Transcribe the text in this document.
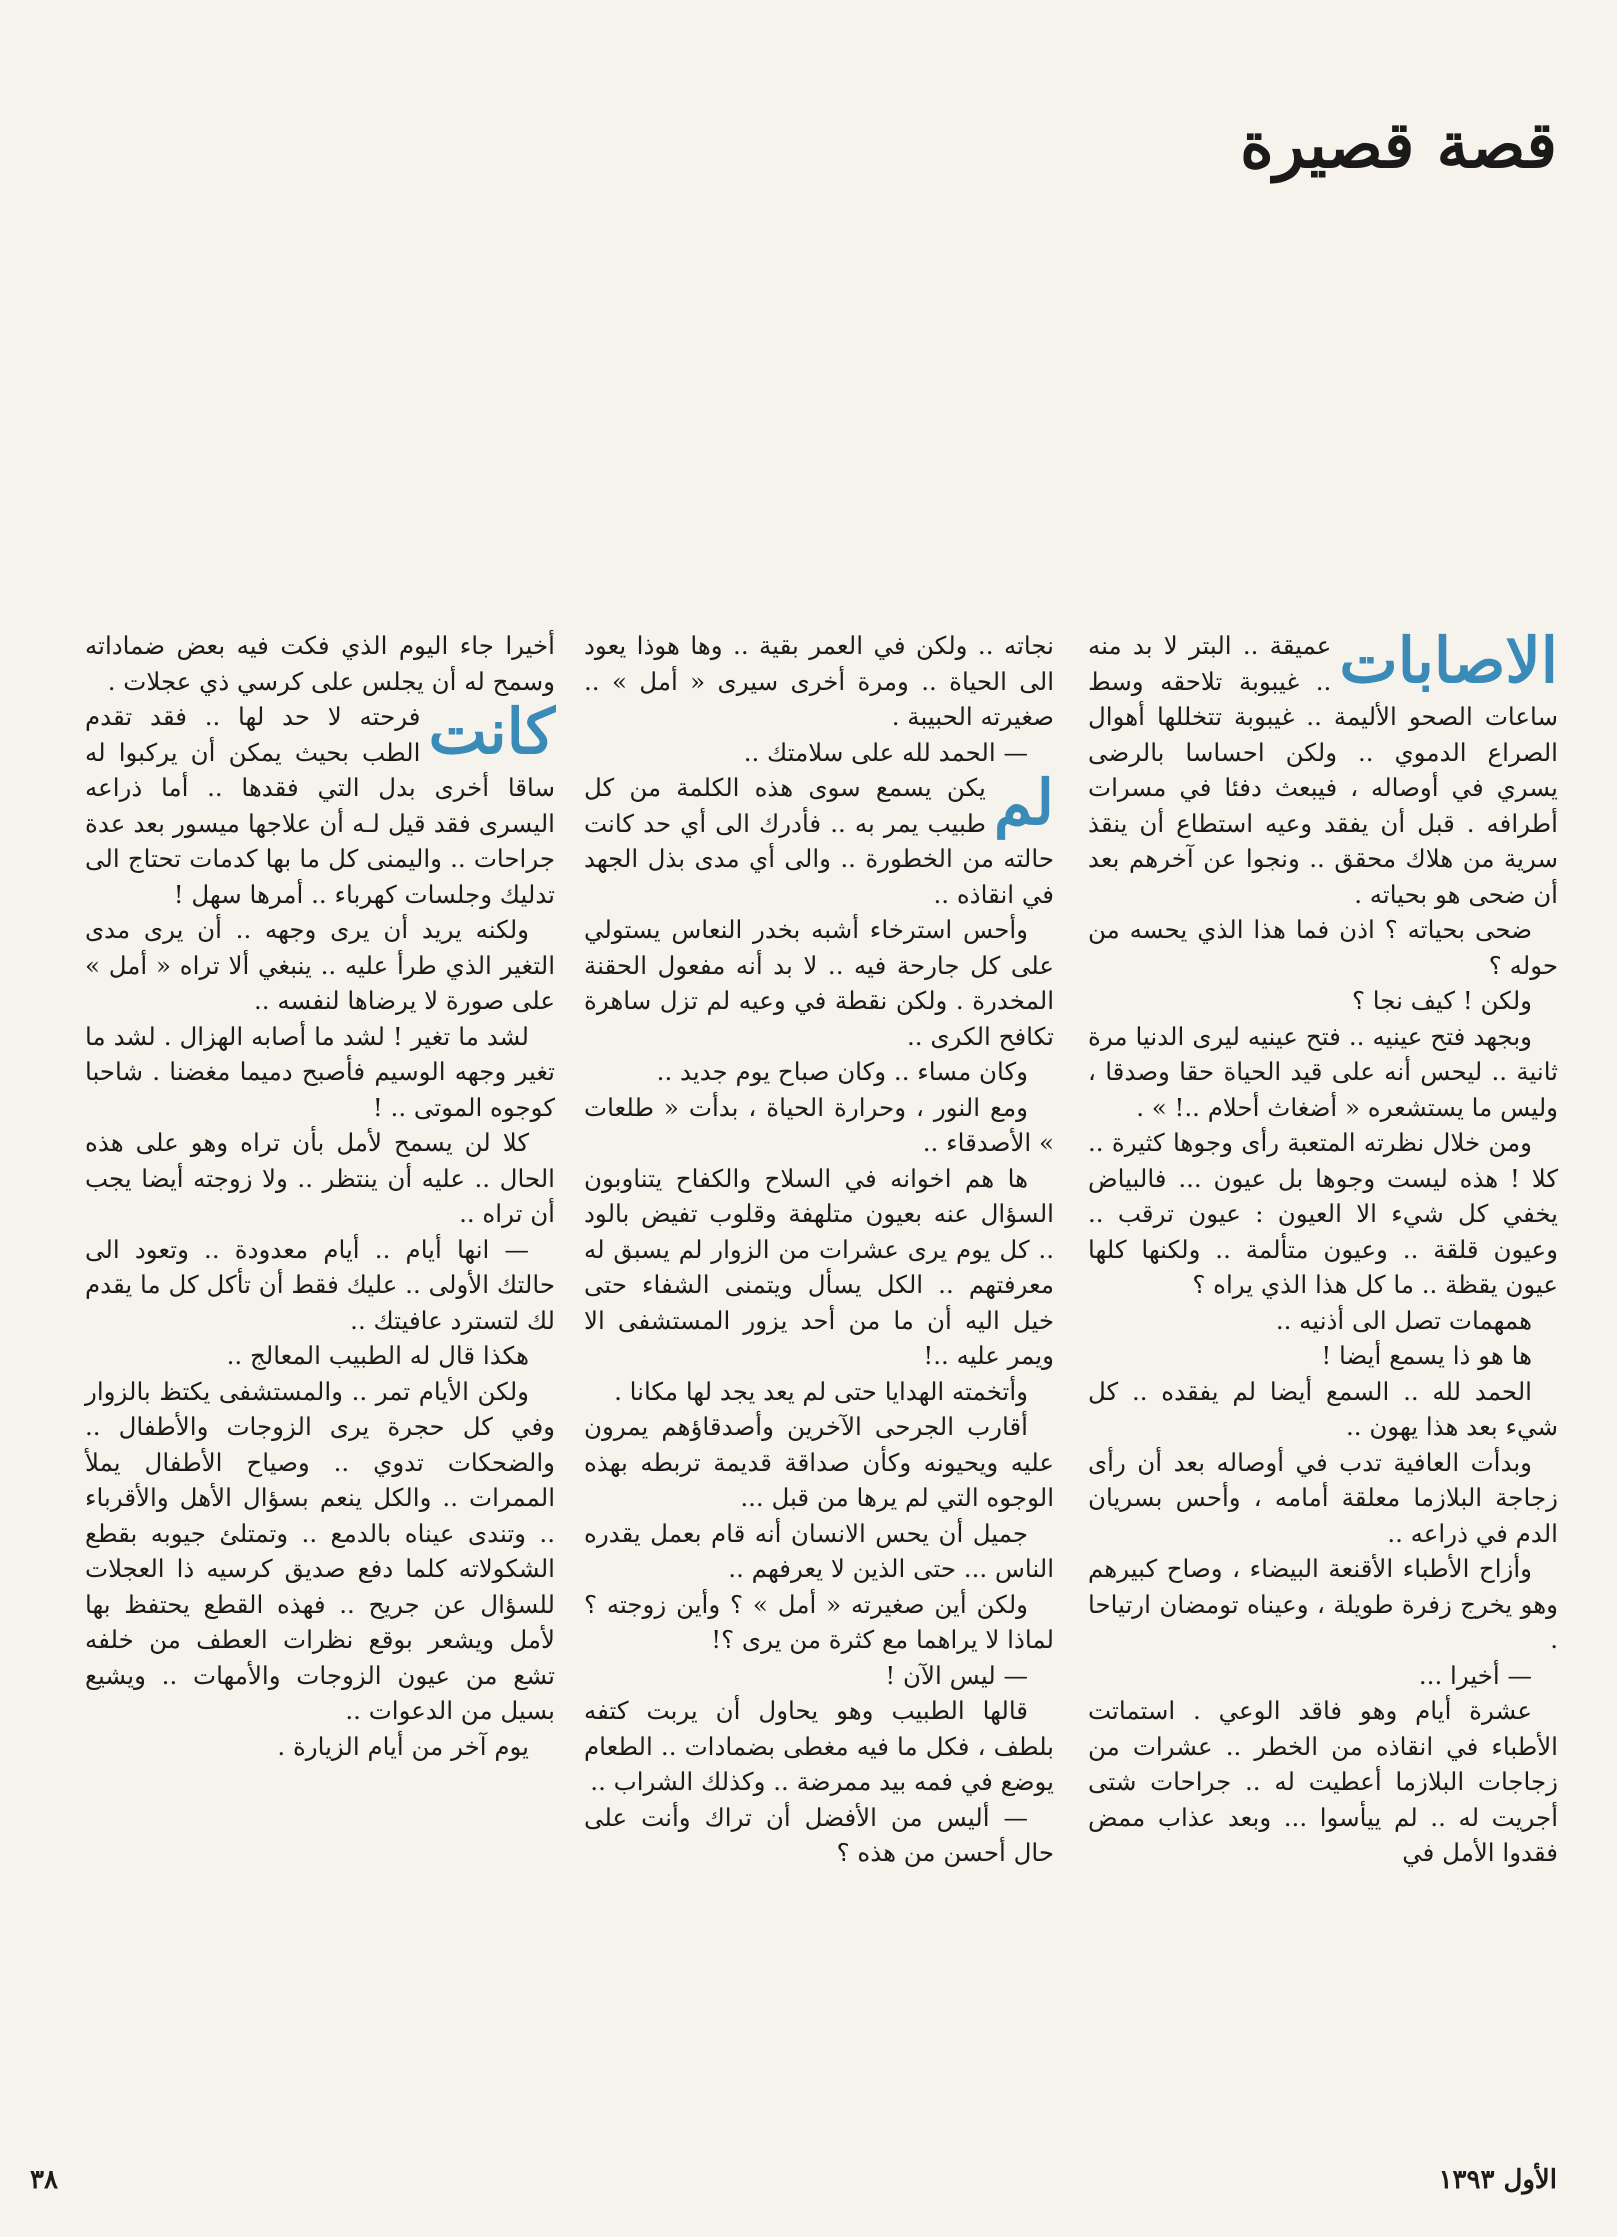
قصة قصيرة
الاصابات

عميقة .. البتر لا بد منه .. غيبوبة تلاحقه وسط ساعات الصحو الأليمة .. غيبوبة تتخللها أهوال الصراع الدموي .. ولكن احساسا بالرضى يسري في أوصاله ، فيبعث دفئا في مسرات أطرافه . قبل أن يفقد وعيه استطاع أن ينقذ سرية من هلاك محقق .. ونجوا عن آخرهم بعد أن ضحى هو بحياته .

ضحى بحياته ؟ اذن فما هذا الذي يحسه من حوله ؟

ولكن ! كيف نجا ؟

وبجهد فتح عينيه .. فتح عينيه ليرى الدنيا مرة ثانية .. ليحس أنه على قيد الحياة حقا وصدقا ، وليس ما يستشعره « أضغاث أحلام ..! » .

ومن خلال نظرته المتعبة رأى وجوها كثيرة .. كلا ! هذه ليست وجوها بل عيون ... فالبياض يخفي كل شيء الا العيون : عيون ترقب .. وعيون قلقة .. وعيون متألمة .. ولكنها كلها عيون يقظة .. ما كل هذا الذي يراه ؟

همهمات تصل الى أذنيه ..

ها هو ذا يسمع أيضا !

الحمد لله .. السمع أيضا لم يفقده .. كل شيء بعد هذا يهون ..

وبدأت العافية تدب في أوصاله بعد أن رأى زجاجة البلازما معلقة أمامه ، وأحس بسريان الدم في ذراعه ..

وأزاح الأطباء الأقنعة البيضاء ، وصاح كبيرهم وهو يخرج زفرة طويلة ، وعيناه تومضان ارتياحا .

— أخيرا ...

عشرة أيام وهو فاقد الوعي . استماتت الأطباء في انقاذه من الخطر .. عشرات من زجاجات البلازما أعطيت له .. جراحات شتى أجريت له .. لم ييأسوا ... وبعد عذاب ممض فقدوا الأمل في

نجاته .. ولكن في العمر بقية .. وها هوذا يعود الى الحياة .. ومرة أخرى سيرى « أمل » .. صغيرته الحبيبة .

— الحمد لله على سلامتك ..

لم

يكن يسمع سوى هذه الكلمة من كل طبيب يمر به .. فأدرك الى أي حد كانت حالته من الخطورة .. والى أي مدى بذل الجهد في انقاذه ..

وأحس استرخاء أشبه بخدر النعاس يستولي على كل جارحة فيه .. لا بد أنه مفعول الحقنة المخدرة . ولكن نقطة في وعيه لم تزل ساهرة تكافح الكرى ..

وكان مساء .. وكان صباح يوم جديد ..

ومع النور ، وحرارة الحياة ، بدأت « طلعات » الأصدقاء ..

ها هم اخوانه في السلاح والكفاح يتناوبون السؤال عنه بعيون متلهفة وقلوب تفيض بالود .. كل يوم يرى عشرات من الزوار لم يسبق له معرفتهم .. الكل يسأل ويتمنى الشفاء حتى خيل اليه أن ما من أحد يزور المستشفى الا ويمر عليه ..!

وأتخمته الهدايا حتى لم يعد يجد لها مكانا .

أقارب الجرحى الآخرين وأصدقاؤهم يمرون عليه ويحيونه وكأن صداقة قديمة تربطه بهذه الوجوه التي لم يرها من قبل ...

جميل أن يحس الانسان أنه قام بعمل يقدره الناس ... حتى الذين لا يعرفهم ..

ولكن أين صغيرته « أمل » ؟ وأين زوجته ؟ لماذا لا يراهما مع كثرة من يرى ؟!

— ليس الآن !

قالها الطبيب وهو يحاول أن يربت كتفه بلطف ، فكل ما فيه مغطى بضمادات .. الطعام يوضع في فمه بيد ممرضة .. وكذلك الشراب ..

— أليس من الأفضل أن تراك وأنت على حال أحسن من هذه ؟

أخيرا جاء اليوم الذي فكت فيه بعض ضماداته وسمح له أن يجلس على كرسي ذي عجلات .

كانت

فرحته لا حد لها .. فقد تقدم الطب بحيث يمكن أن يركبوا له ساقا أخرى بدل التي فقدها .. أما ذراعه اليسرى فقد قيل لـه أن علاجها ميسور بعد عدة جراحات .. واليمنى كل ما بها كدمات تحتاج الى تدليك وجلسات كهرباء .. أمرها سهل !

ولكنه يريد أن يرى وجهه .. أن يرى مدى التغير الذي طرأ عليه .. ينبغي ألا تراه « أمل » على صورة لا يرضاها لنفسه ..

لشد ما تغير ! لشد ما أصابه الهزال . لشد ما تغير وجهه الوسيم فأصبح دميما مغضنا . شاحبا كوجوه الموتى .. !

كلا لن يسمح لأمل بأن تراه وهو على هذه الحال .. عليه أن ينتظر .. ولا زوجته أيضا يجب أن تراه ..

— انها أيام .. أيام معدودة .. وتعود الى حالتك الأولى .. عليك فقط أن تأكل كل ما يقدم لك لتسترد عافيتك ..

هكذا قال له الطبيب المعالج ..

ولكن الأيام تمر .. والمستشفى يكتظ بالزوار وفي كل حجرة يرى الزوجات والأطفال .. والضحكات تدوي .. وصياح الأطفال يملأ الممرات .. والكل ينعم بسؤال الأهل والأقرباء .. وتندى عيناه بالدمع .. وتمتلئ جيوبه بقطع الشكولاته كلما دفع صديق كرسيه ذا العجلات للسؤال عن جريح .. فهذه القطع يحتفظ بها لأمل ويشعر بوقع نظرات العطف من خلفه تشع من عيون الزوجات والأمهات .. ويشيع بسيل من الدعوات ..

يوم آخر من أيام الزيارة .

٣٨	الأول ١٣٩٣
